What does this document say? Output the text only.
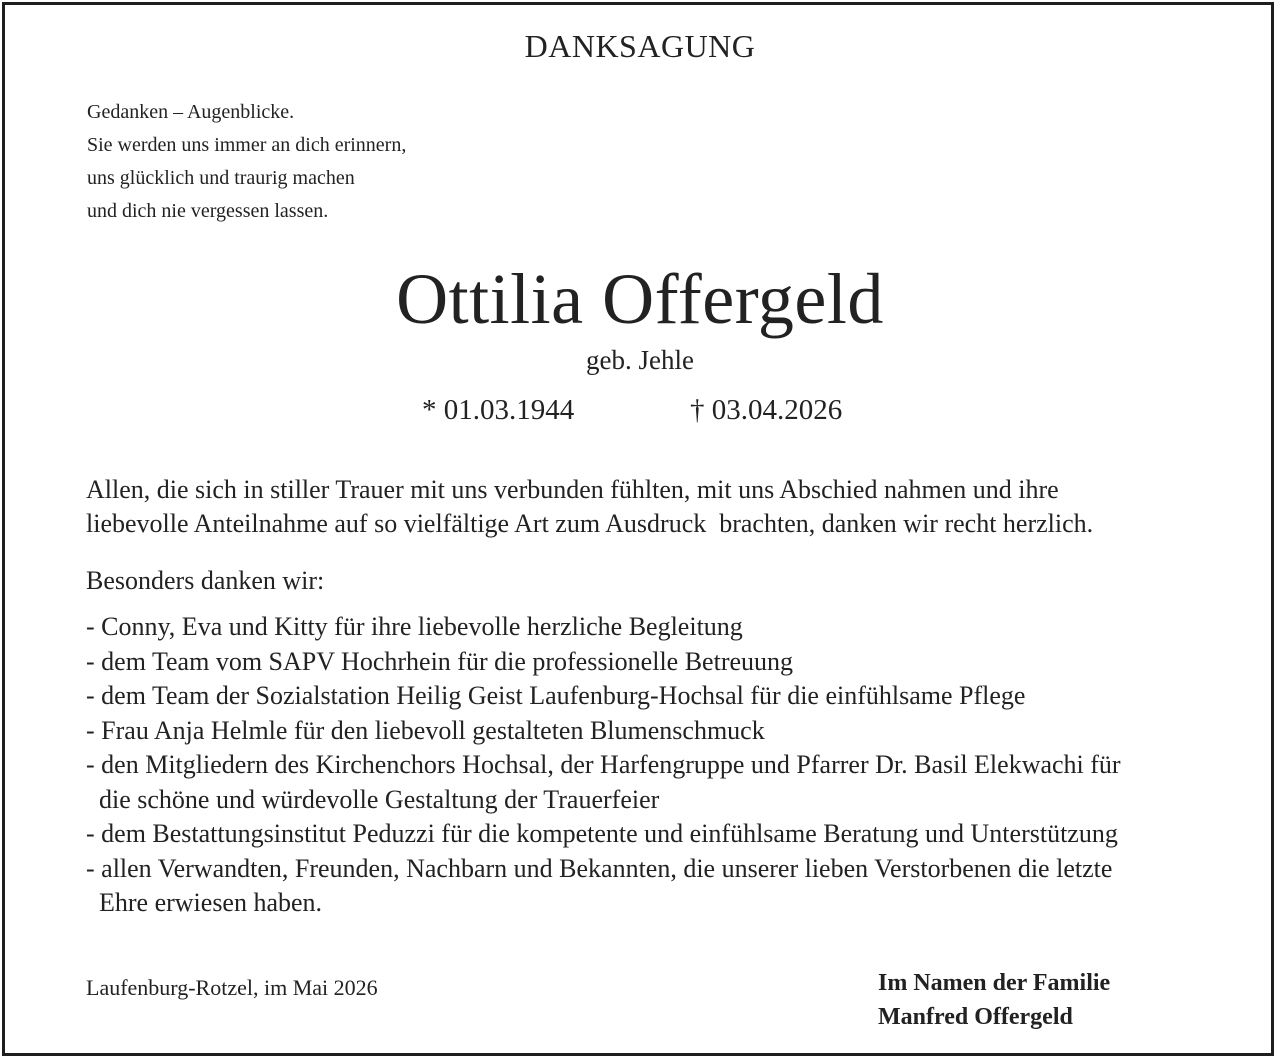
DANKSAGUNG
Gedanken – Augenblicke.
Sie werden uns immer an dich erinnern,
uns glücklich und traurig machen
und dich nie vergessen lassen.
Ottilia Offergeld
geb. Jehle
* 01.03.1944	† 03.04.2026
Allen, die sich in stiller Trauer mit uns verbunden fühlten, mit uns Abschied nahmen und ihre
liebevolle Anteilnahme auf so vielfältige Art zum Ausdruck  brachten, danken wir recht herzlich.
Besonders danken wir:
- Conny, Eva und Kitty für ihre liebevolle herzliche Begleitung
- dem Team vom SAPV Hochrhein für die professionelle Betreuung
- dem Team der Sozialstation Heilig Geist Laufenburg-Hochsal für die einfühlsame Pflege
- Frau Anja Helmle für den liebevoll gestalteten Blumenschmuck
- den Mitgliedern des Kirchenchors Hochsal, der Harfengruppe und Pfarrer Dr. Basil Elekwachi für
die schöne und würdevolle Gestaltung der Trauerfeier
- dem Bestattungsinstitut Peduzzi für die kompetente und einfühlsame Beratung und Unterstützung
- allen Verwandten, Freunden, Nachbarn und Bekannten, die unserer lieben Verstorbenen die letzte
Ehre erwiesen haben.
Laufenburg-Rotzel, im Mai 2026	Im Namen der Familie
Manfred Offergeld
